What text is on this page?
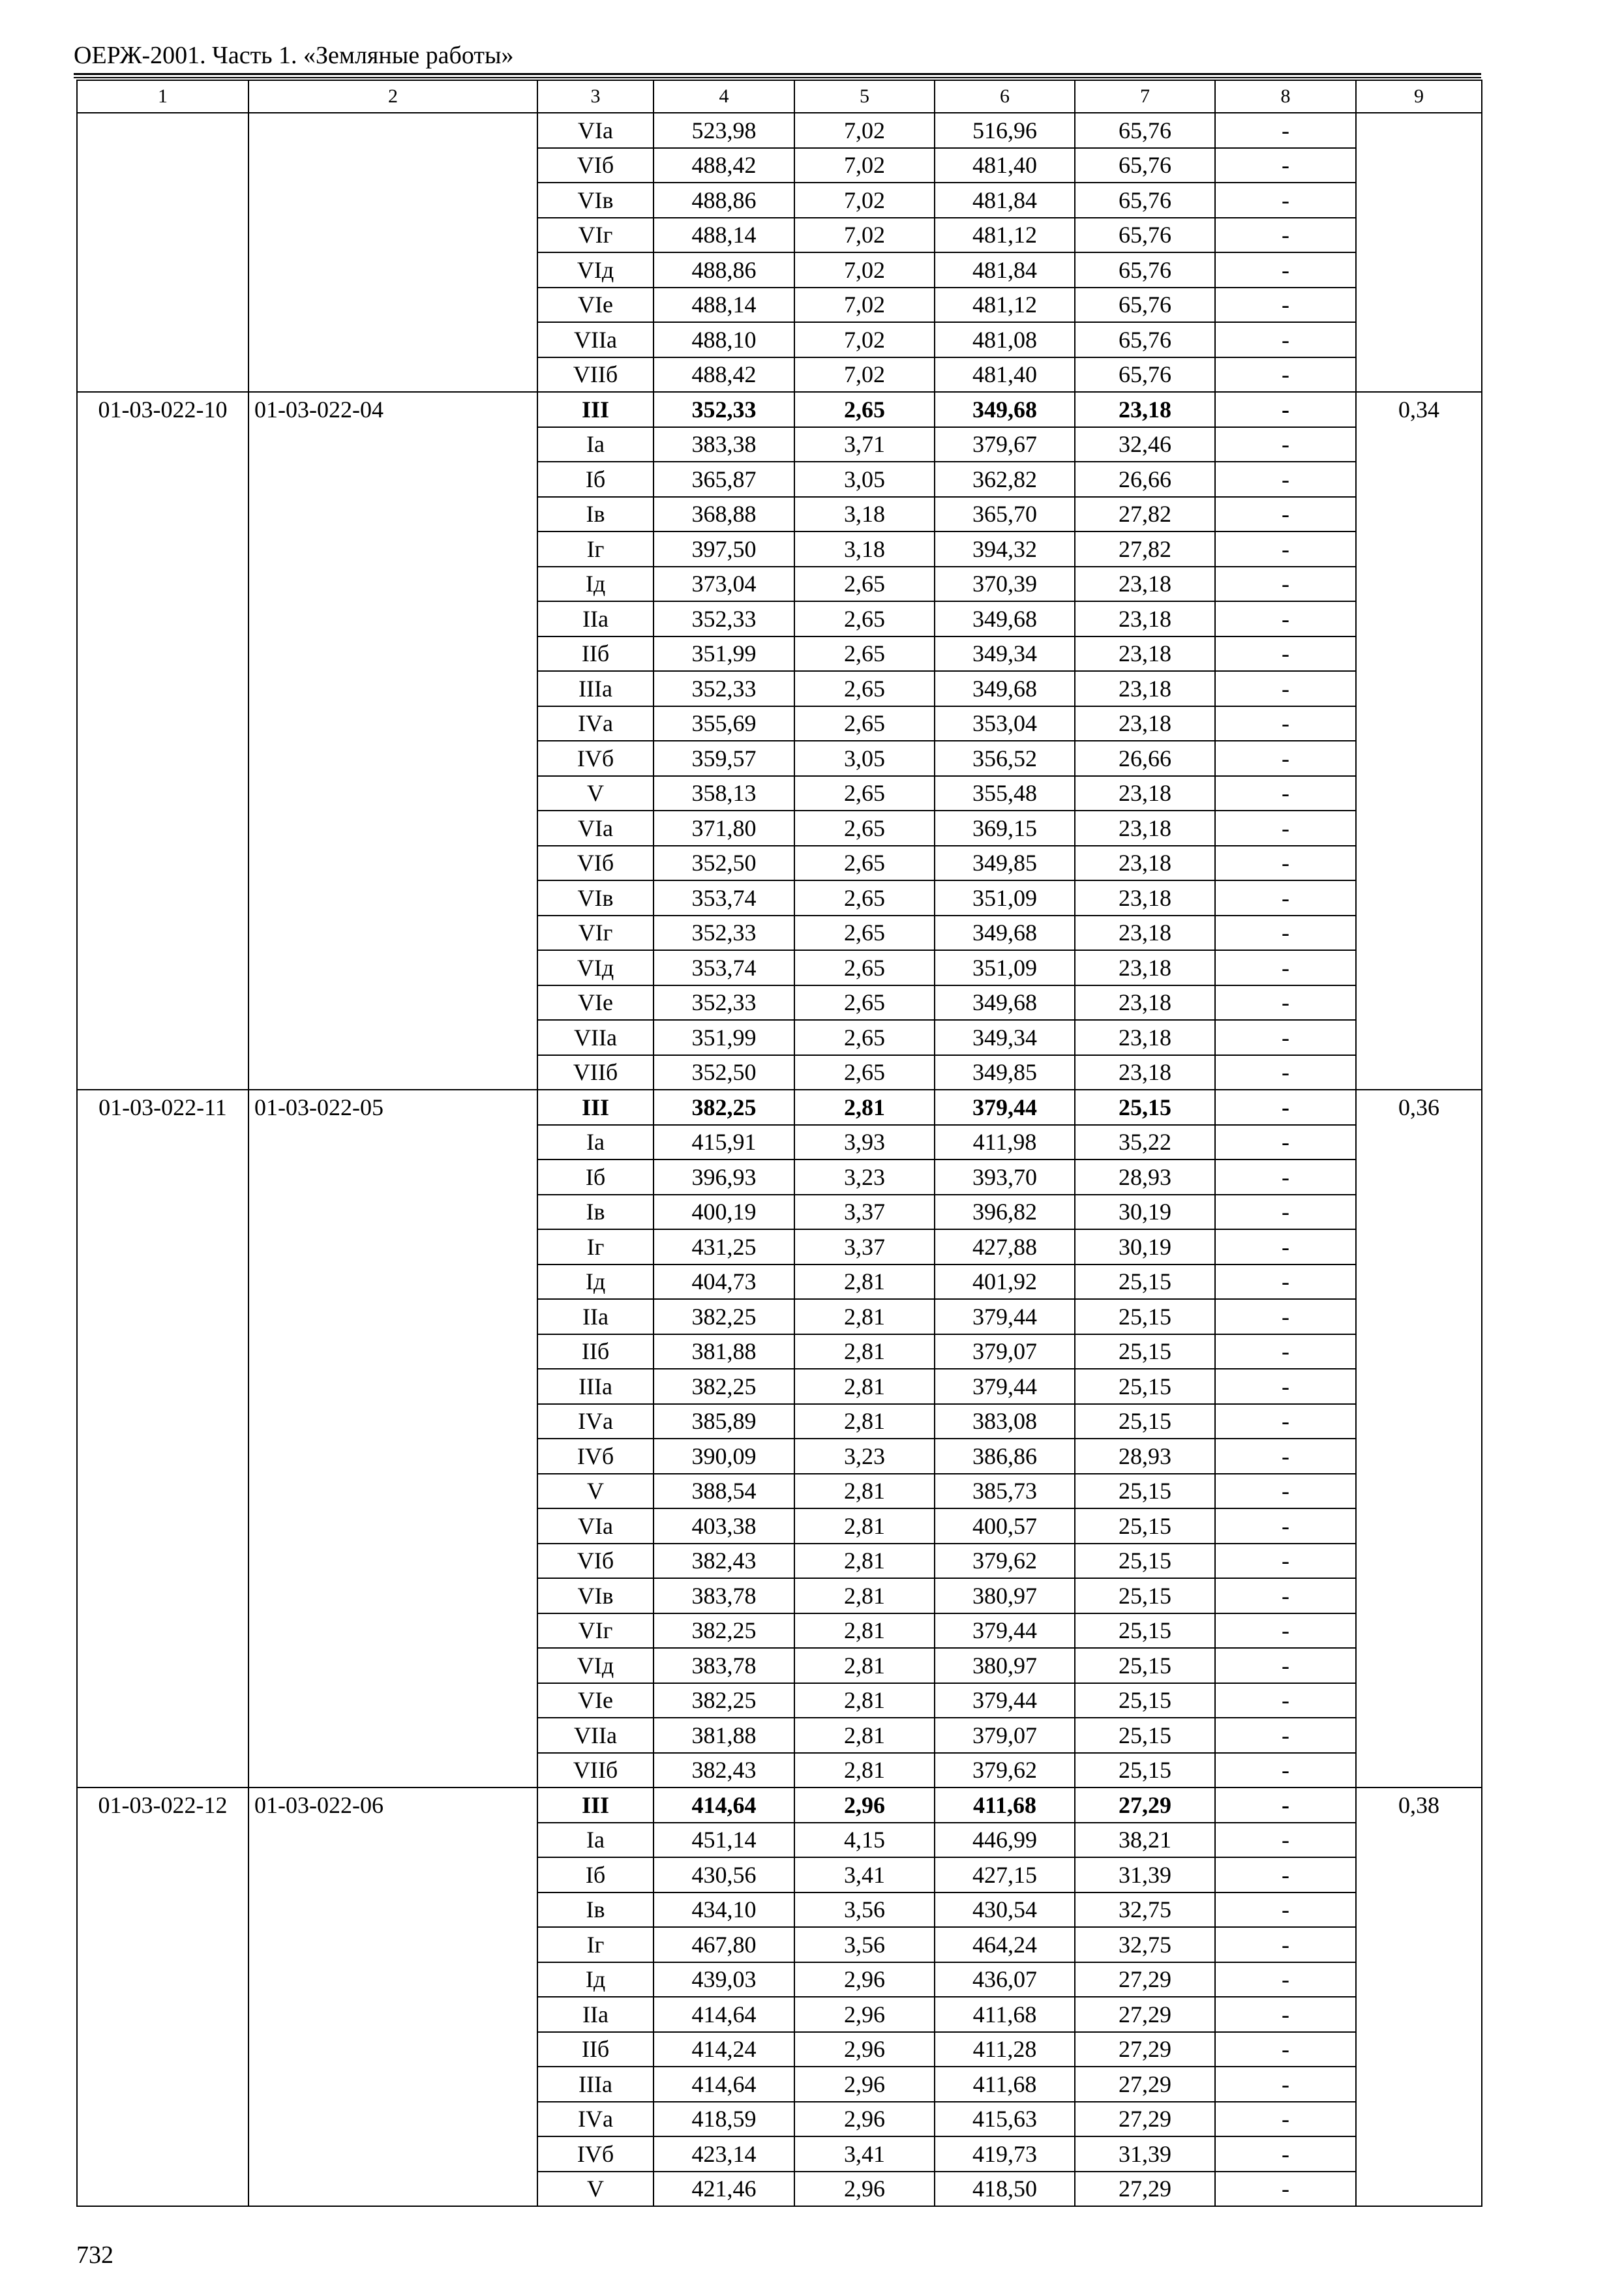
ОЕРЖ-2001. Часть 1. «Земляные работы»
1	2	3	4	5	6	7	8	9
		VIа	523,98	7,02	516,96	65,76	-	
		VIб	488,42	7,02	481,40	65,76	-	
		VIв	488,86	7,02	481,84	65,76	-	
		VIг	488,14	7,02	481,12	65,76	-	
		VIд	488,86	7,02	481,84	65,76	-	
		VIе	488,14	7,02	481,12	65,76	-	
		VIIа	488,10	7,02	481,08	65,76	-	
		VIIб	488,42	7,02	481,40	65,76	-	
01-03-022-10	01-03-022-04	III	352,33	2,65	349,68	23,18	-	0,34
		Iа	383,38	3,71	379,67	32,46	-	
		Iб	365,87	3,05	362,82	26,66	-	
		Iв	368,88	3,18	365,70	27,82	-	
		Iг	397,50	3,18	394,32	27,82	-	
		Iд	373,04	2,65	370,39	23,18	-	
		IIа	352,33	2,65	349,68	23,18	-	
		IIб	351,99	2,65	349,34	23,18	-	
		IIIа	352,33	2,65	349,68	23,18	-	
		IVа	355,69	2,65	353,04	23,18	-	
		IVб	359,57	3,05	356,52	26,66	-	
		V	358,13	2,65	355,48	23,18	-	
		VIа	371,80	2,65	369,15	23,18	-	
		VIб	352,50	2,65	349,85	23,18	-	
		VIв	353,74	2,65	351,09	23,18	-	
		VIг	352,33	2,65	349,68	23,18	-	
		VIд	353,74	2,65	351,09	23,18	-	
		VIе	352,33	2,65	349,68	23,18	-	
		VIIа	351,99	2,65	349,34	23,18	-	
		VIIб	352,50	2,65	349,85	23,18	-	
01-03-022-11	01-03-022-05	III	382,25	2,81	379,44	25,15	-	0,36
		Iа	415,91	3,93	411,98	35,22	-	
		Iб	396,93	3,23	393,70	28,93	-	
		Iв	400,19	3,37	396,82	30,19	-	
		Iг	431,25	3,37	427,88	30,19	-	
		Iд	404,73	2,81	401,92	25,15	-	
		IIа	382,25	2,81	379,44	25,15	-	
		IIб	381,88	2,81	379,07	25,15	-	
		IIIа	382,25	2,81	379,44	25,15	-	
		IVа	385,89	2,81	383,08	25,15	-	
		IVб	390,09	3,23	386,86	28,93	-	
		V	388,54	2,81	385,73	25,15	-	
		VIа	403,38	2,81	400,57	25,15	-	
		VIб	382,43	2,81	379,62	25,15	-	
		VIв	383,78	2,81	380,97	25,15	-	
		VIг	382,25	2,81	379,44	25,15	-	
		VIд	383,78	2,81	380,97	25,15	-	
		VIе	382,25	2,81	379,44	25,15	-	
		VIIа	381,88	2,81	379,07	25,15	-	
		VIIб	382,43	2,81	379,62	25,15	-	
01-03-022-12	01-03-022-06	III	414,64	2,96	411,68	27,29	-	0,38
		Iа	451,14	4,15	446,99	38,21	-	
		Iб	430,56	3,41	427,15	31,39	-	
		Iв	434,10	3,56	430,54	32,75	-	
		Iг	467,80	3,56	464,24	32,75	-	
		Iд	439,03	2,96	436,07	27,29	-	
		IIа	414,64	2,96	411,68	27,29	-	
		IIб	414,24	2,96	411,28	27,29	-	
		IIIа	414,64	2,96	411,68	27,29	-	
		IVа	418,59	2,96	415,63	27,29	-	
		IVб	423,14	3,41	419,73	31,39	-	
		V	421,46	2,96	418,50	27,29	-	
732
